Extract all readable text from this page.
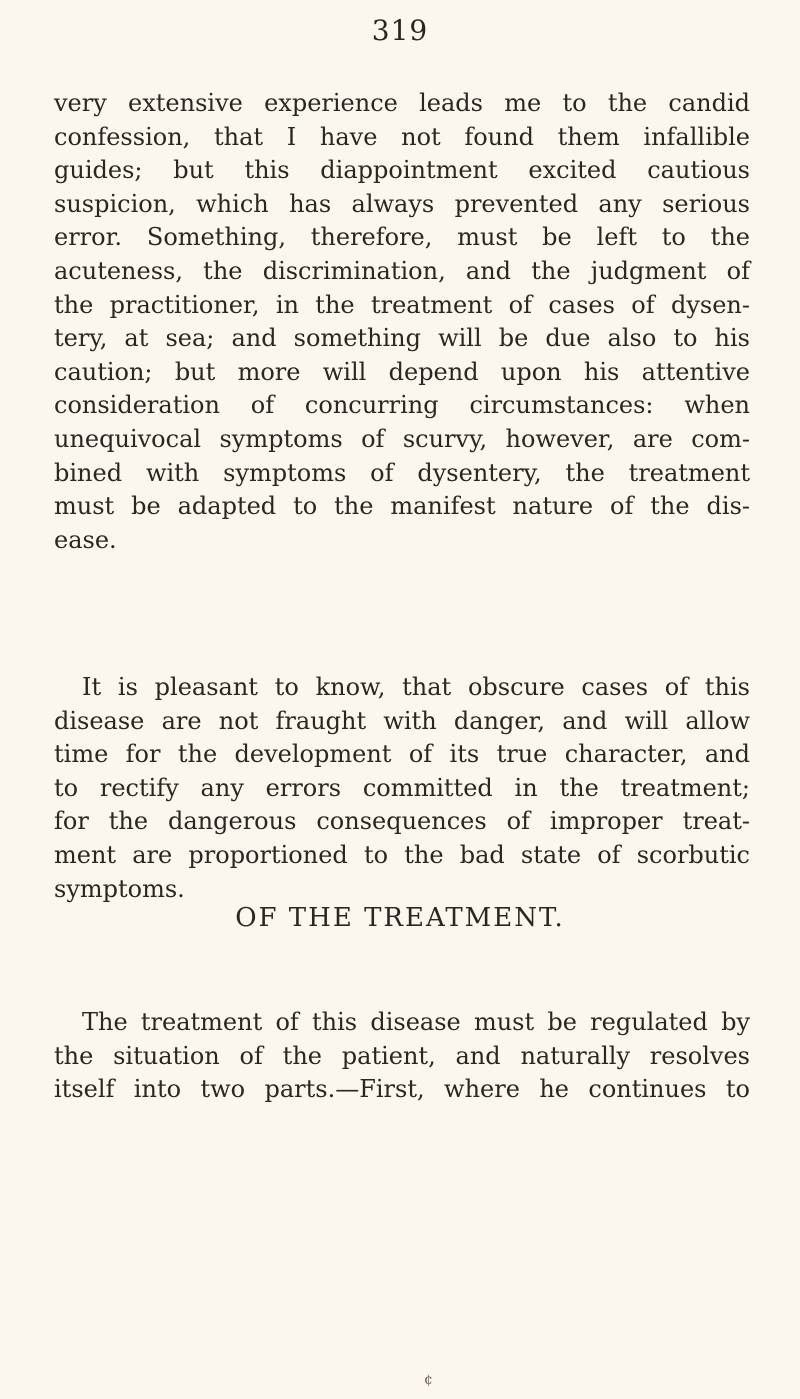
319
very extensive experience leads me to the candid
confession, that I have not found them infallible
guides; but this diappointment excited cautious
suspicion, which has always prevented any serious
error. Something, therefore, must be left to the
acuteness, the discrimination, and the judgment of
the practitioner, in the treatment of cases of dysen-
tery, at sea; and something will be due also to his
caution; but more will depend upon his attentive
consideration of concurring circumstances: when
unequivocal symptoms of scurvy, however, are com-
bined with symptoms of dysentery, the treatment
must be adapted to the manifest nature of the dis-
ease.
It is pleasant to know, that obscure cases of this
disease are not fraught with danger, and will allow
time for the development of its true character, and
to rectify any errors committed in the treatment;
for the dangerous consequences of improper treat-
ment are proportioned to the bad state of scorbutic
symptoms.
OF THE TREATMENT.
The treatment of this disease must be regulated by
the situation of the patient, and naturally resolves
itself into two parts.—First, where he continues to
¢
